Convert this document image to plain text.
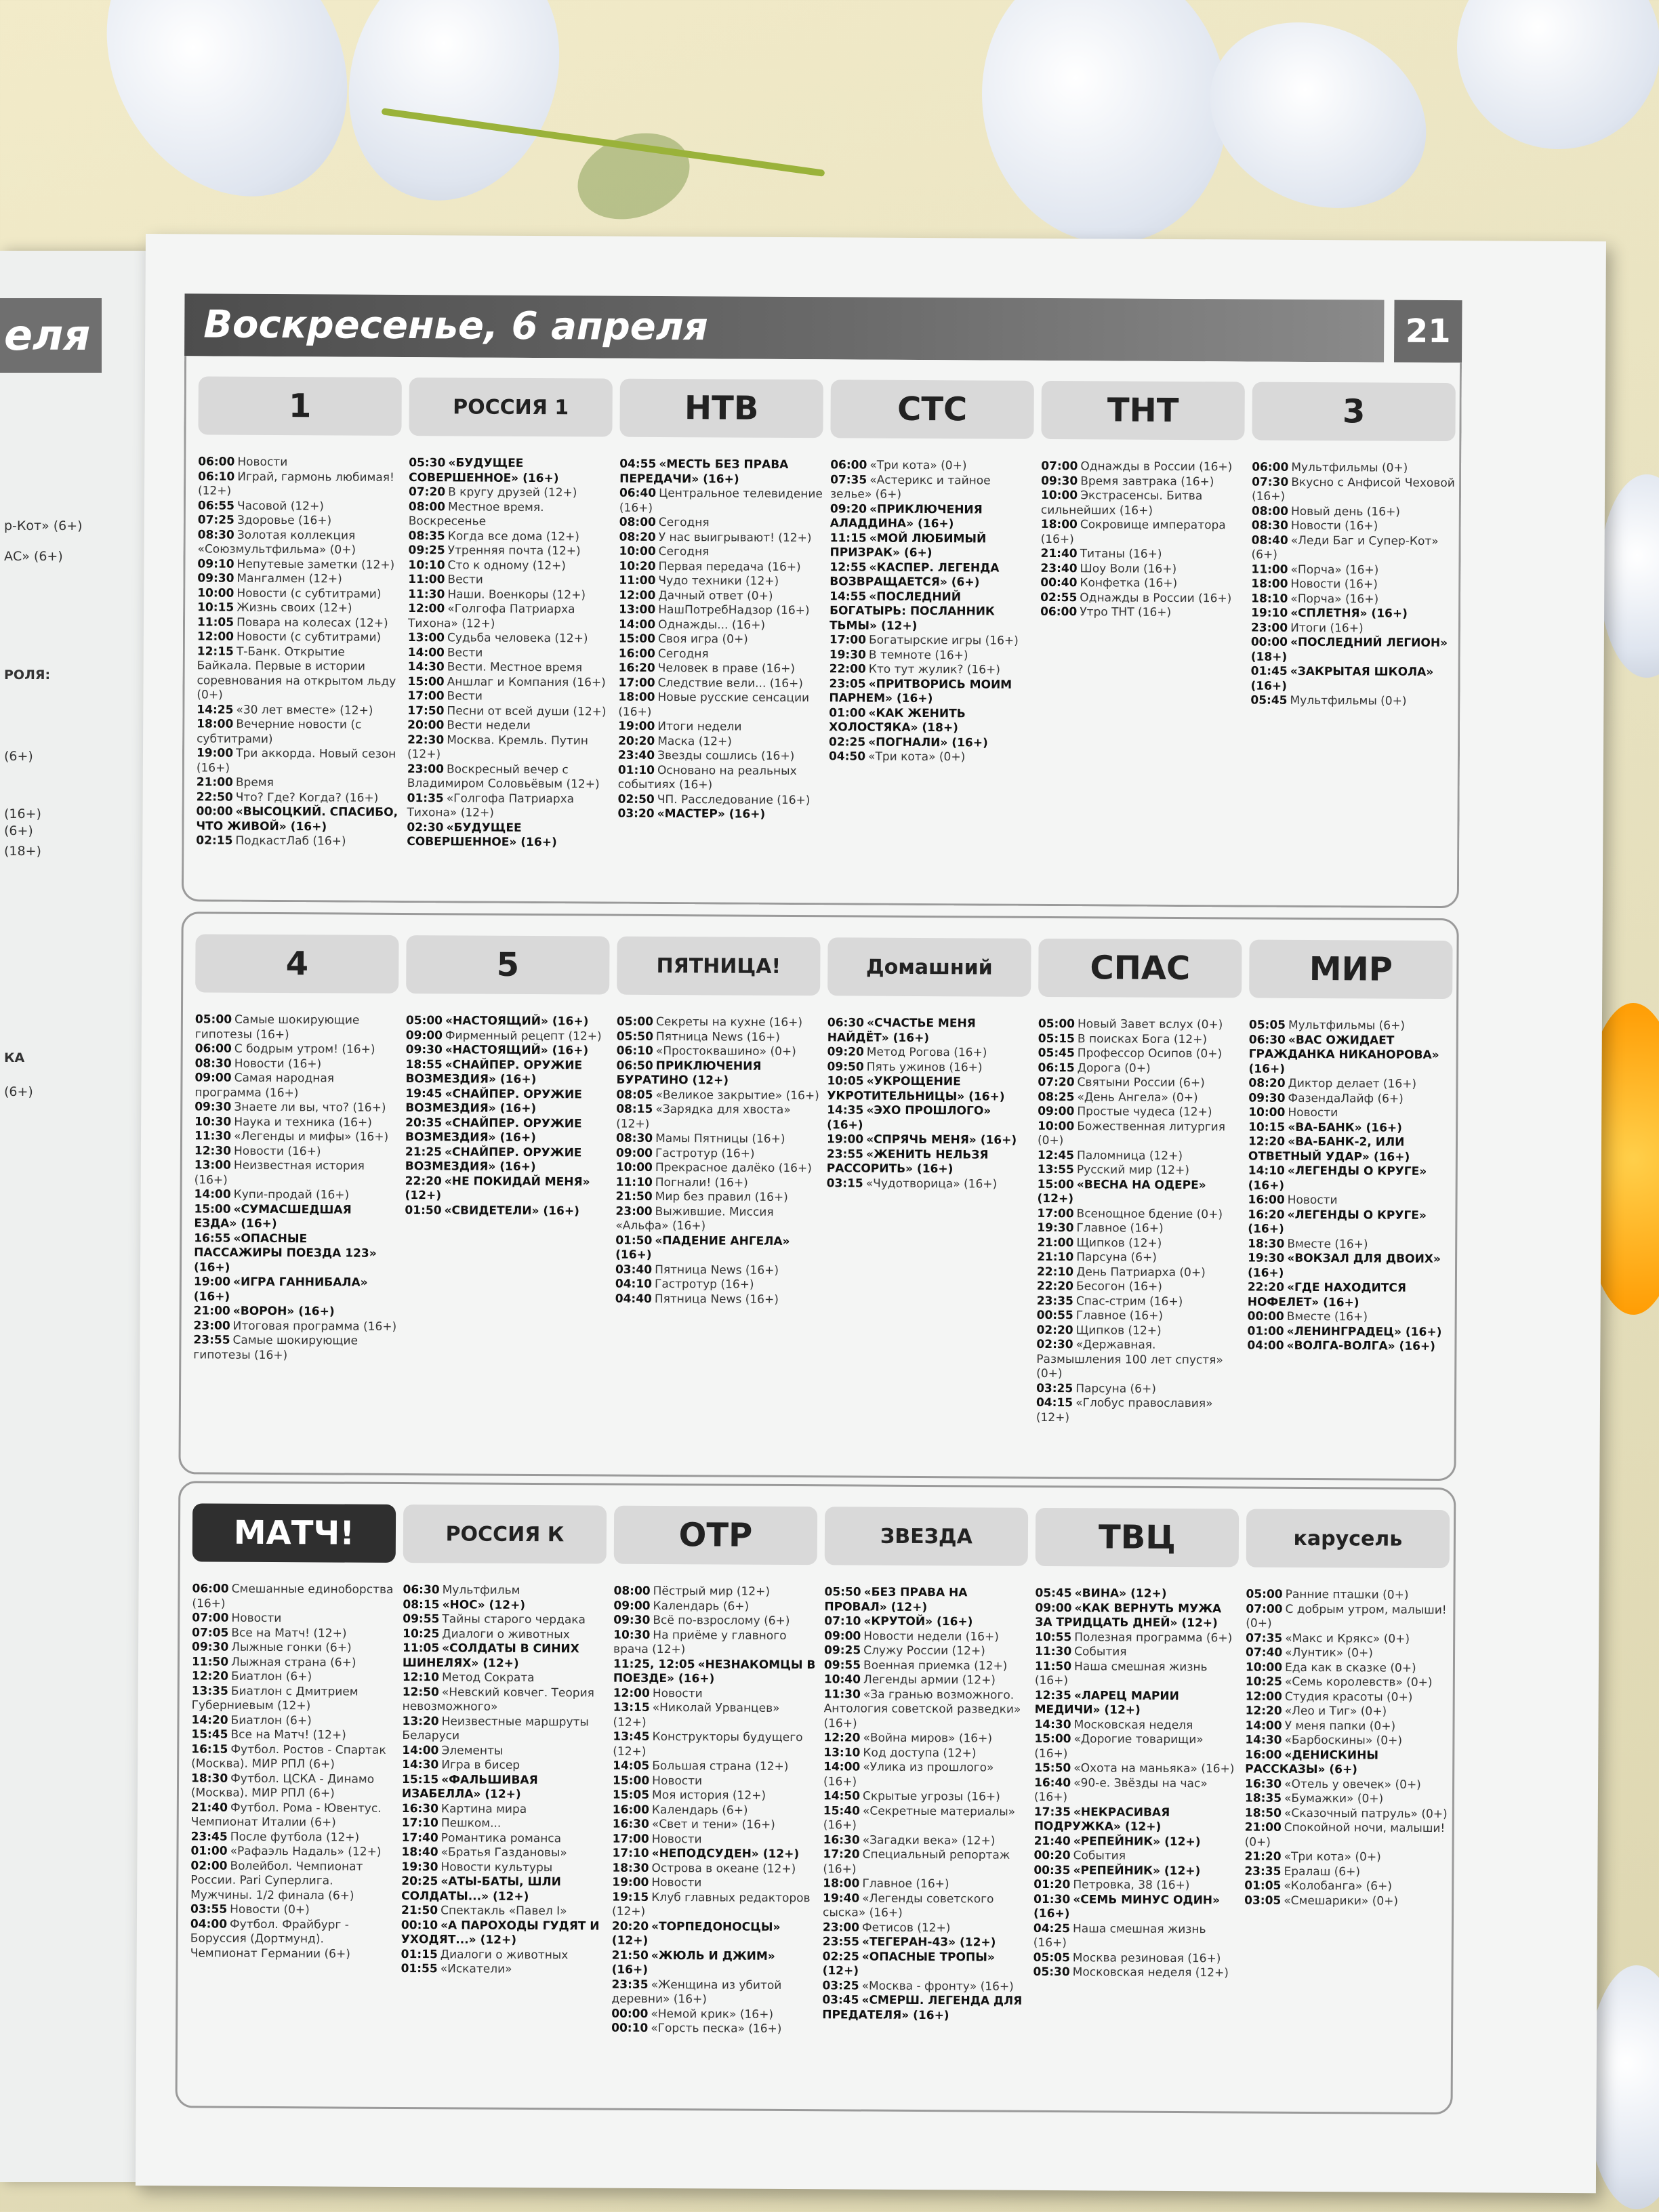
еля
р-Кот» (6+)
АС» (6+)
РОЛЯ:
(6+)
(16+)
(6+)
(18+)
КА
(6+)
Воскресенье, 6 апреля	21
1
06:00 Новости
06:10 Играй, гармонь любимая! (12+)
06:55 Часовой (12+)
07:25 Здоровье (16+)
08:30 Золотая коллекция «Союзмультфильма» (0+)
09:10 Непутевые заметки (12+)
09:30 Мангалмен (12+)
10:00 Новости (с субтитрами)
10:15 Жизнь своих (12+)
11:05 Повара на колесах (12+)
12:00 Новости (с субтитрами)
12:15 Т-Банк. Открытие Байкала. Первые в истории соревнования на открытом льду (0+)
14:25 «30 лет вместе» (12+)
18:00 Вечерние новости (с субтитрами)
19:00 Три аккорда. Новый сезон (16+)
21:00 Время
22:50 Что? Где? Когда? (16+)
00:00 «ВЫСОЦКИЙ. СПАСИБО, ЧТО ЖИВОЙ» (16+)
02:15 ПодкастЛаб (16+)
РОССИЯ 1
05:30 «БУДУЩЕЕ СОВЕРШЕННОЕ» (16+)
07:20 В кругу друзей (12+)
08:00 Местное время. Воскресенье
08:35 Когда все дома (12+)
09:25 Утренняя почта (12+)
10:10 Сто к одному (12+)
11:00 Вести
11:30 Наши. Военкоры (12+)
12:00 «Голгофа Патриарха Тихона» (12+)
13:00 Судьба человека (12+)
14:00 Вести
14:30 Вести. Местное время
15:00 Аншлаг и Компания (16+)
17:00 Вести
17:50 Песни от всей души (12+)
20:00 Вести недели
22:30 Москва. Кремль. Путин (12+)
23:00 Воскресный вечер с Владимиром Соловьёвым (12+)
01:35 «Голгофа Патриарха Тихона» (12+)
02:30 «БУДУЩЕЕ СОВЕРШЕННОЕ» (16+)
НТВ
04:55 «МЕСТЬ БЕЗ ПРАВА ПЕРЕДАЧИ» (16+)
06:40 Центральное телевидение (16+)
08:00 Сегодня
08:20 У нас выигрывают! (12+)
10:00 Сегодня
10:20 Первая передача (16+)
11:00 Чудо техники (12+)
12:00 Дачный ответ (0+)
13:00 НашПотребНадзор (16+)
14:00 Однажды... (16+)
15:00 Своя игра (0+)
16:00 Сегодня
16:20 Человек в праве (16+)
17:00 Следствие вели... (16+)
18:00 Новые русские сенсации (16+)
19:00 Итоги недели
20:20 Маска (12+)
23:40 Звезды сошлись (16+)
01:10 Основано на реальных событиях (16+)
02:50 ЧП. Расследование (16+)
03:20 «МАСТЕР» (16+)
СТС
06:00 «Три кота» (0+)
07:35 «Астерикс и тайное зелье» (6+)
09:20 «ПРИКЛЮЧЕНИЯ АЛАДДИНА» (16+)
11:15 «МОЙ ЛЮБИМЫЙ ПРИЗРАК» (6+)
12:55 «КАСПЕР. ЛЕГЕНДА ВОЗВРАЩАЕТСЯ» (6+)
14:55 «ПОСЛЕДНИЙ БОГАТЫРЬ: ПОСЛАННИК ТЬМЫ» (12+)
17:00 Богатырские игры (16+)
19:30 В темноте (16+)
22:00 Кто тут жулик? (16+)
23:05 «ПРИТВОРИСЬ МОИМ ПАРНЕМ» (16+)
01:00 «КАК ЖЕНИТЬ ХОЛОСТЯКА» (18+)
02:25 «ПОГНАЛИ» (16+)
04:50 «Три кота» (0+)
ТНТ
07:00 Однажды в России (16+)
09:30 Время завтрака (16+)
10:00 Экстрасенсы. Битва сильнейших (16+)
18:00 Сокровище императора (16+)
21:40 Титаны (16+)
23:40 Шоу Воли (16+)
00:40 Конфетка (16+)
02:55 Однажды в России (16+)
06:00 Утро ТНТ (16+)
3
06:00 Мультфильмы (0+)
07:30 Вкусно с Анфисой Чеховой (16+)
08:00 Новый день (16+)
08:30 Новости (16+)
08:40 «Леди Баг и Супер-Кот» (6+)
11:00 «Порча» (16+)
18:00 Новости (16+)
18:10 «Порча» (16+)
19:10 «СПЛЕТНЯ» (16+)
23:00 Итоги (16+)
00:00 «ПОСЛЕДНИЙ ЛЕГИОН» (18+)
01:45 «ЗАКРЫТАЯ ШКОЛА» (16+)
05:45 Мультфильмы (0+)
4
05:00 Самые шокирующие гипотезы (16+)
06:00 С бодрым утром! (16+)
08:30 Новости (16+)
09:00 Самая народная программа (16+)
09:30 Знаете ли вы, что? (16+)
10:30 Наука и техника (16+)
11:30 «Легенды и мифы» (16+)
12:30 Новости (16+)
13:00 Неизвестная история (16+)
14:00 Купи-продай (16+)
15:00 «СУМАСШЕДШАЯ ЕЗДА» (16+)
16:55 «ОПАСНЫЕ ПАССАЖИРЫ ПОЕЗДА 123» (16+)
19:00 «ИГРА ГАННИБАЛА» (16+)
21:00 «ВОРОН» (16+)
23:00 Итоговая программа (16+)
23:55 Самые шокирующие гипотезы (16+)
5
05:00 «НАСТОЯЩИЙ» (16+)
09:00 Фирменный рецепт (12+)
09:30 «НАСТОЯЩИЙ» (16+)
18:55 «СНАЙПЕР. ОРУЖИЕ ВОЗМЕЗДИЯ» (16+)
19:45 «СНАЙПЕР. ОРУЖИЕ ВОЗМЕЗДИЯ» (16+)
20:35 «СНАЙПЕР. ОРУЖИЕ ВОЗМЕЗДИЯ» (16+)
21:25 «СНАЙПЕР. ОРУЖИЕ ВОЗМЕЗДИЯ» (16+)
22:20 «НЕ ПОКИДАЙ МЕНЯ» (12+)
01:50 «СВИДЕТЕЛИ» (16+)
ПЯТНИЦА!
05:00 Секреты на кухне (16+)
05:50 Пятница News (16+)
06:10 «Простоквашино» (0+)
06:50 ПРИКЛЮЧЕНИЯ БУРАТИНО (12+)
08:05 «Великое закрытие» (16+)
08:15 «Зарядка для хвоста» (12+)
08:30 Мамы Пятницы (16+)
09:00 Гастротур (16+)
10:00 Прекрасное далёко (16+)
11:10 Погнали! (16+)
21:50 Мир без правил (16+)
23:00 Выжившие. Миссия «Альфа» (16+)
01:50 «ПАДЕНИЕ АНГЕЛА» (16+)
03:40 Пятница News (16+)
04:10 Гастротур (16+)
04:40 Пятница News (16+)
Домашний
06:30 «СЧАСТЬЕ МЕНЯ НАЙДЁТ» (16+)
09:20 Метод Рогова (16+)
09:50 Пять ужинов (16+)
10:05 «УКРОЩЕНИЕ УКРОТИТЕЛЬНИЦЫ» (16+)
14:35 «ЭХО ПРОШЛОГО» (16+)
19:00 «СПРЯЧЬ МЕНЯ» (16+)
23:55 «ЖЕНИТЬ НЕЛЬЗЯ РАССОРИТЬ» (16+)
03:15 «Чудотворица» (16+)
СПАС
05:00 Новый Завет вслух (0+)
05:15 В поисках Бога (12+)
05:45 Профессор Осипов (0+)
06:15 Дорога (0+)
07:20 Святыни России (6+)
08:25 «День Ангела» (0+)
09:00 Простые чудеса (12+)
10:00 Божественная литургия (0+)
12:45 Паломница (12+)
13:55 Русский мир (12+)
15:00 «ВЕСНА НА ОДЕРЕ» (12+)
17:00 Всенощное бдение (0+)
19:30 Главное (16+)
21:00 Щипков (12+)
21:10 Парсуна (6+)
22:10 День Патриарха (0+)
22:20 Бесогон (16+)
23:35 Спас-стрим (16+)
00:55 Главное (16+)
02:20 Щипков (12+)
02:30 «Державная. Размышления 100 лет спустя» (0+)
03:25 Парсуна (6+)
04:15 «Глобус православия» (12+)
МИР
05:05 Мультфильмы (6+)
06:30 «ВАС ОЖИДАЕТ ГРАЖДАНКА НИКАНОРОВА» (16+)
08:20 Диктор делает (16+)
09:30 ФазендаЛайф (6+)
10:00 Новости
10:15 «ВА-БАНК» (16+)
12:20 «ВА-БАНК-2, ИЛИ ОТВЕТНЫЙ УДАР» (16+)
14:10 «ЛЕГЕНДЫ О КРУГЕ» (16+)
16:00 Новости
16:20 «ЛЕГЕНДЫ О КРУГЕ» (16+)
18:30 Вместе (16+)
19:30 «ВОКЗАЛ ДЛЯ ДВОИХ» (16+)
22:20 «ГДЕ НАХОДИТСЯ НОФЕЛЕТ» (16+)
00:00 Вместе (16+)
01:00 «ЛЕНИНГРАДЕЦ» (16+)
04:00 «ВОЛГА-ВОЛГА» (16+)
МАТЧ!
06:00 Смешанные единоборства (16+)
07:00 Новости
07:05 Все на Матч! (12+)
09:30 Лыжные гонки (6+)
11:50 Лыжная страна (6+)
12:20 Биатлон (6+)
13:35 Биатлон с Дмитрием Губерниевым (12+)
14:20 Биатлон (6+)
15:45 Все на Матч! (12+)
16:15 Футбол. Ростов - Спартак (Москва). МИР РПЛ (6+)
18:30 Футбол. ЦСКА - Динамо (Москва). МИР РПЛ (6+)
21:40 Футбол. Рома - Ювентус. Чемпионат Италии (6+)
23:45 После футбола (12+)
01:00 «Рафаэль Надаль» (12+)
02:00 Волейбол. Чемпионат России. Pari Суперлига. Мужчины. 1/2 финала (6+)
03:55 Новости (0+)
04:00 Футбол. Фрайбург - Боруссия (Дортмунд). Чемпионат Германии (6+)
РОССИЯ К
06:30 Мультфильм
08:15 «НОС» (12+)
09:55 Тайны старого чердака
10:25 Диалоги о животных
11:05 «СОЛДАТЫ В СИНИХ ШИНЕЛЯХ» (12+)
12:10 Метод Сократа
12:50 «Невский ковчег. Теория невозможного»
13:20 Неизвестные маршруты Беларуси
14:00 Элементы
14:30 Игра в бисер
15:15 «ФАЛЬШИВАЯ ИЗАБЕЛЛА» (12+)
16:30 Картина мира
17:10 Пешком...
17:40 Романтика романса
18:40 «Братья Газдановы»
19:30 Новости культуры
20:25 «АТЫ-БАТЫ, ШЛИ СОЛДАТЫ...» (12+)
21:50 Спектакль «Павел I»
00:10 «А ПАРОХОДЫ ГУДЯТ И УХОДЯТ...» (12+)
01:15 Диалоги о животных
01:55 «Искатели»
ОТР
08:00 Пёстрый мир (12+)
09:00 Календарь (6+)
09:30 Всё по-взрослому (6+)
10:30 На приёме у главного врача (12+)
11:25, 12:05 «НЕЗНАКОМЦЫ В ПОЕЗДЕ» (16+)
12:00 Новости
13:15 «Николай Урванцев» (12+)
13:45 Конструкторы будущего (12+)
14:05 Большая страна (12+)
15:00 Новости
15:05 Моя история (12+)
16:00 Календарь (6+)
16:30 «Свет и тени» (16+)
17:00 Новости
17:10 «НЕПОДСУДЕН» (12+)
18:30 Острова в океане (12+)
19:00 Новости
19:15 Клуб главных редакторов (12+)
20:20 «ТОРПЕДОНОСЦЫ» (12+)
21:50 «ЖЮЛЬ И ДЖИМ» (16+)
23:35 «Женщина из убитой деревни» (16+)
00:00 «Немой крик» (16+)
00:10 «Горсть песка» (16+)
ЗВЕЗДА
05:50 «БЕЗ ПРАВА НА ПРОВАЛ» (12+)
07:10 «КРУТОЙ» (16+)
09:00 Новости недели (16+)
09:25 Служу России (12+)
09:55 Военная приемка (12+)
10:40 Легенды армии (12+)
11:30 «За гранью возможного. Антология советской разведки» (16+)
12:20 «Война миров» (16+)
13:10 Код доступа (12+)
14:00 «Улика из прошлого» (16+)
14:50 Скрытые угрозы (16+)
15:40 «Секретные материалы» (16+)
16:30 «Загадки века» (12+)
17:20 Специальный репортаж (16+)
18:00 Главное (16+)
19:40 «Легенды советского сыска» (16+)
23:00 Фетисов (12+)
23:55 «ТЕГЕРАН-43» (12+)
02:25 «ОПАСНЫЕ ТРОПЫ» (12+)
03:25 «Москва - фронту» (16+)
03:45 «СМЕРШ. ЛЕГЕНДА ДЛЯ ПРЕДАТЕЛЯ» (16+)
ТВЦ
05:45 «ВИНА» (12+)
09:00 «КАК ВЕРНУТЬ МУЖА ЗА ТРИДЦАТЬ ДНЕЙ» (12+)
10:55 Полезная программа (6+)
11:30 События
11:50 Наша смешная жизнь (16+)
12:35 «ЛАРЕЦ МАРИИ МЕДИЧИ» (12+)
14:30 Московская неделя
15:00 «Дорогие товарищи» (16+)
15:50 «Охота на маньяка» (16+)
16:40 «90-е. Звёзды на час» (16+)
17:35 «НЕКРАСИВАЯ ПОДРУЖКА» (12+)
21:40 «РЕПЕЙНИК» (12+)
00:20 События
00:35 «РЕПЕЙНИК» (12+)
01:20 Петровка, 38 (16+)
01:30 «СЕМЬ МИНУС ОДИН» (16+)
04:25 Наша смешная жизнь (16+)
05:05 Москва резиновая (16+)
05:30 Московская неделя (12+)
карусель
05:00 Ранние пташки (0+)
07:00 С добрым утром, малыши! (0+)
07:35 «Макс и Крякс» (0+)
07:40 «Лунтик» (0+)
10:00 Еда как в сказке (0+)
10:25 «Семь королевств» (0+)
12:00 Студия красоты (0+)
12:20 «Лео и Тиг» (0+)
14:00 У меня папки (0+)
14:30 «Барбоскины» (0+)
16:00 «ДЕНИСКИНЫ РАССКАЗЫ» (6+)
16:30 «Отель у овечек» (0+)
18:35 «Бумажки» (0+)
18:50 «Сказочный патруль» (0+)
21:00 Спокойной ночи, малыши! (0+)
21:20 «Три кота» (0+)
23:35 Ералаш (6+)
01:05 «Колобанга» (6+)
03:05 «Смешарики» (0+)
